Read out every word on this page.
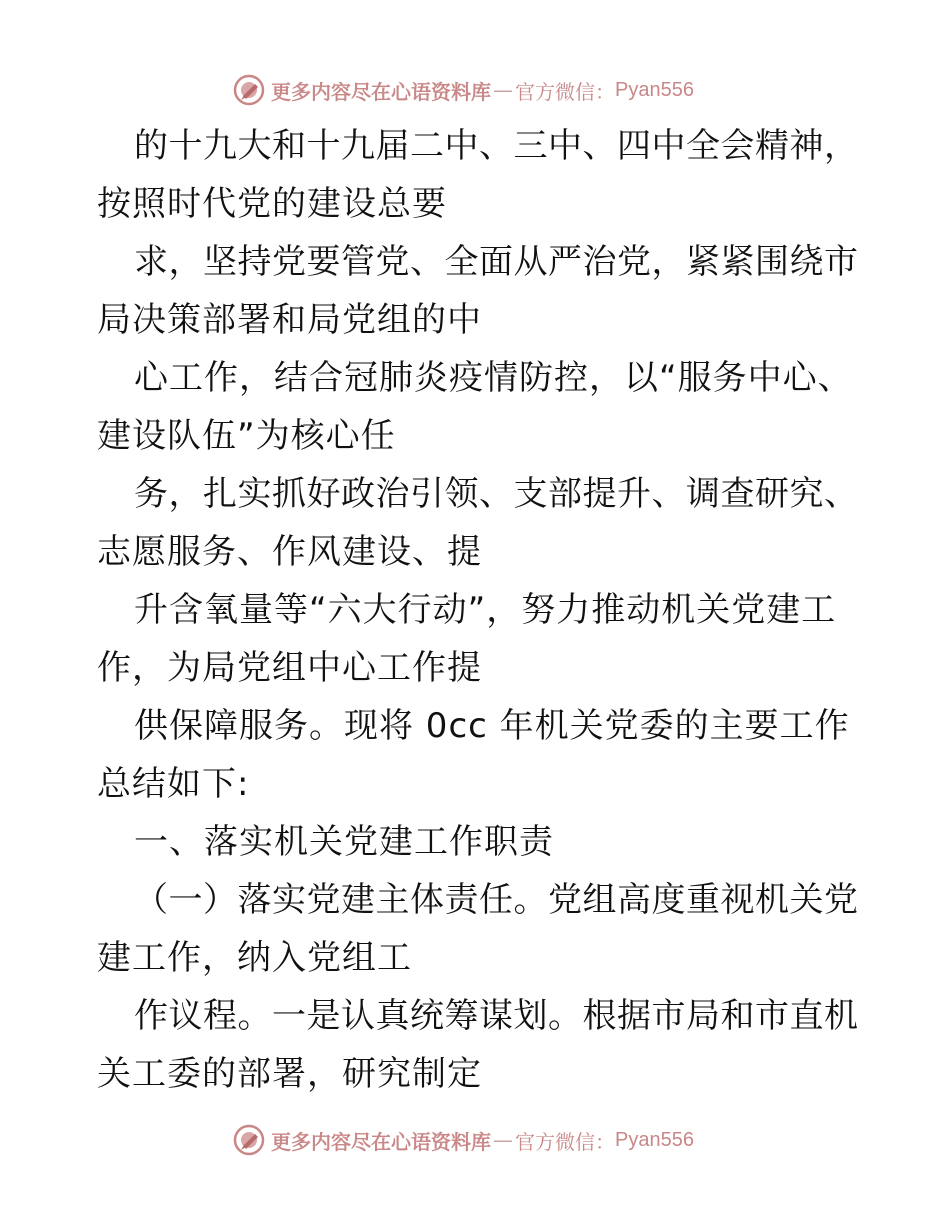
更多内容尽在心语资料库 — 官方微信： Pyan556
的十九大和十九届二中、三中、四中全会精神，
按照时代党的建设总要
求，坚持党要管党、全面从严治党，紧紧围绕市
局决策部署和局党组的中
心工作，结合冠肺炎疫情防控，以“服务中心、
建设队伍”为核心任
务，扎实抓好政治引领、支部提升、调查研究、
志愿服务、作风建设、提
升含氧量等“六大行动”，努力推动机关党建工
作，为局党组中心工作提
供保障服务。现将 0cc 年机关党委的主要工作
总结如下:
一、落实机关党建工作职责
（一）落实党建主体责任。党组高度重视机关党
建工作，纳入党组工
作议程。一是认真统筹谋划。根据市局和市直机
关工委的部署，研究制定
更多内容尽在心语资料库 — 官方微信： Pyan556
